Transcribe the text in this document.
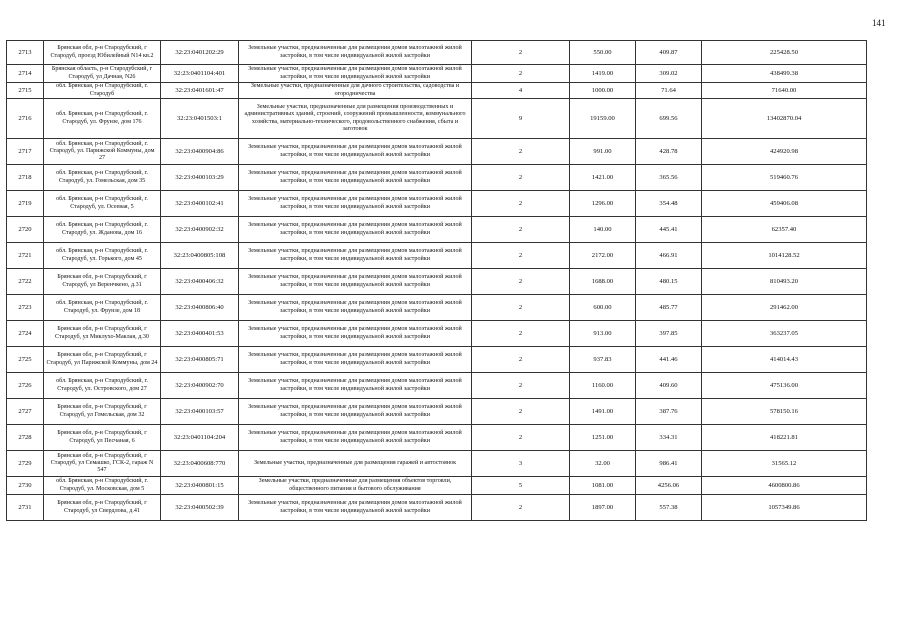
141
2713	Брянская обл, р-н Стародубский, г Стародуб, проезд Юбилейный N14 кв.2	32:23:0401202:29	Земельные участки, предназначенные для размещения домов малоэтажной жилой застройки, в том числе индивидуальной жилой застройки	2	550.00	409.87	225428.50
2714	Брянская область, р-н Стародубский, г Стародуб, ул Дачная, N26	32:23:0401104:401	Земельные участки, предназначенные для размещения домов малоэтажной жилой застройки, в том числе индивидуальной жилой застройки	2	1419.00	309.02	438499.38
2715	обл. Брянская, р-н Стародубский, г. Стародуб	32:23:0401601:47	Земельные участки, предназначенные для дачного строительства, садоводства и огородничества	4	1000.00	71.64	71640.00
2716	обл. Брянская, р-н Стародубский, г. Стародуб, ул. Фрунзе, дом 176	32:23:0401503:1	Земельные участки, предназначенные для размещения производственных и административных зданий, строений, сооружений промышленности, коммунального хозяйства, материально-технического, продовольственного снабжения, сбыта и заготовок	9	19159.00	699.56	13402870.04
2717	обл. Брянская, р-н Стародубский, г. Стародуб, ул. Парижской Коммуны, дом 27	32:23:0400904:86	Земельные участки, предназначенные для размещения домов малоэтажной жилой застройки, в том числе индивидуальной жилой застройки	2	991.00	428.78	424920.98
2718	обл. Брянская, р-н Стародубский, г. Стародуб, ул. Гомельская, дом 35	32:23:0400103:29	Земельные участки, предназначенные для размещения домов малоэтажной жилой застройки, в том числе индивидуальной жилой застройки	2	1421.00	365.56	519460.76
2719	обл. Брянская, р-н Стародубский, г. Стародуб, ул. Осеевая, 5	32:23:0400102:41	Земельные участки, предназначенные для размещения домов малоэтажной жилой застройки, в том числе индивидуальной жилой застройки	2	1296.00	354.48	459406.08
2720	обл. Брянская, р-н Стародубский, г. Стародуб, ул. Жданова, дом 16	32:23:0400902:32	Земельные участки, предназначенные для размещения домов малоэтажной жилой застройки, в том числе индивидуальной жилой застройки	2	140.00	445.41	62357.40
2721	обл. Брянская, р-н Стародубский, г. Стародуб, ул. Горького, дом 45	32:23:0400805:108	Земельные участки, предназначенные для размещения домов малоэтажной жилой застройки, в том числе индивидуальной жилой застройки	2	2172.00	466.91	1014128.52
2722	Брянская обл, р-н Стародубский, г Стародуб, ул Веренчкено, д.31	32:23:0400406:32	Земельные участки, предназначенные для размещения домов малоэтажной жилой застройки, в том числе индивидуальной жилой застройки	2	1688.00	480.15	810493.20
2723	обл. Брянская, р-н Стародубский, г. Стародуб, ул. Фрунзе, дом 18	32:23:0400806:40	Земельные участки, предназначенные для размещения домов малоэтажной жилой застройки, в том числе индивидуальной жилой застройки	2	600.00	485.77	291462.00
2724	Брянская обл, р-н Стародубский, г Стародуб, ул Миклухо-Маклая, д.30	32:23:0400401:53	Земельные участки, предназначенные для размещения домов малоэтажной жилой застройки, в том числе индивидуальной жилой застройки	2	913.00	397.85	363237.05
2725	Брянская обл, р-н Стародубский, г Стародуб, ул Парижской Коммуны, дом 24	32:23:0400805:71	Земельные участки, предназначенные для размещения домов малоэтажной жилой застройки, в том числе индивидуальной жилой застройки	2	937.83	441.46	414014.43
2726	обл. Брянская, р-н Стародубский, г. Стародуб, ул. Островского, дом 27	32:23:0400902:70	Земельные участки, предназначенные для размещения домов малоэтажной жилой застройки, в том числе индивидуальной жилой застройки	2	1160.00	409.60	475136.00
2727	Брянская обл, р-н Стародубский, г Стародуб, ул Гомельская, дом 32	32:23:0400103:57	Земельные участки, предназначенные для размещения домов малоэтажной жилой застройки, в том числе индивидуальной жилой застройки	2	1491.00	387.76	578150.16
2728	Брянская обл, р-н Стародубский, г Стародуб, ул Песчаная, 6	32:23:0401104:204	Земельные участки, предназначенные для размещения домов малоэтажной жилой застройки, в том числе индивидуальной жилой застройки	2	1251.00	334.31	418221.81
2729	Брянская обл, р-н Стародубский, г Стародуб, ул Семашко, ГСК-2, гараж N 547	32:23:0400608:770	Земельные участки, предназначенные для размещения гаражей и автостоянок	3	32.00	986.41	31565.12
2730	обл. Брянская, р-н Стародубский, г. Стародуб, ул. Московская, дом 5	32:23:0400801:15	Земельные участки, предназначенные для размещения объектов торговли, общественного питания и бытового обслуживания	5	1081.00	4256.06	4600800.86
2731	Брянская обл, р-н Стародубский, г Стародуб, ул Свердлова, д.41	32:23:0400502:39	Земельные участки, предназначенные для размещения домов малоэтажной жилой застройки, в том числе индивидуальной жилой застройки	2	1897.00	557.38	1057349.86
